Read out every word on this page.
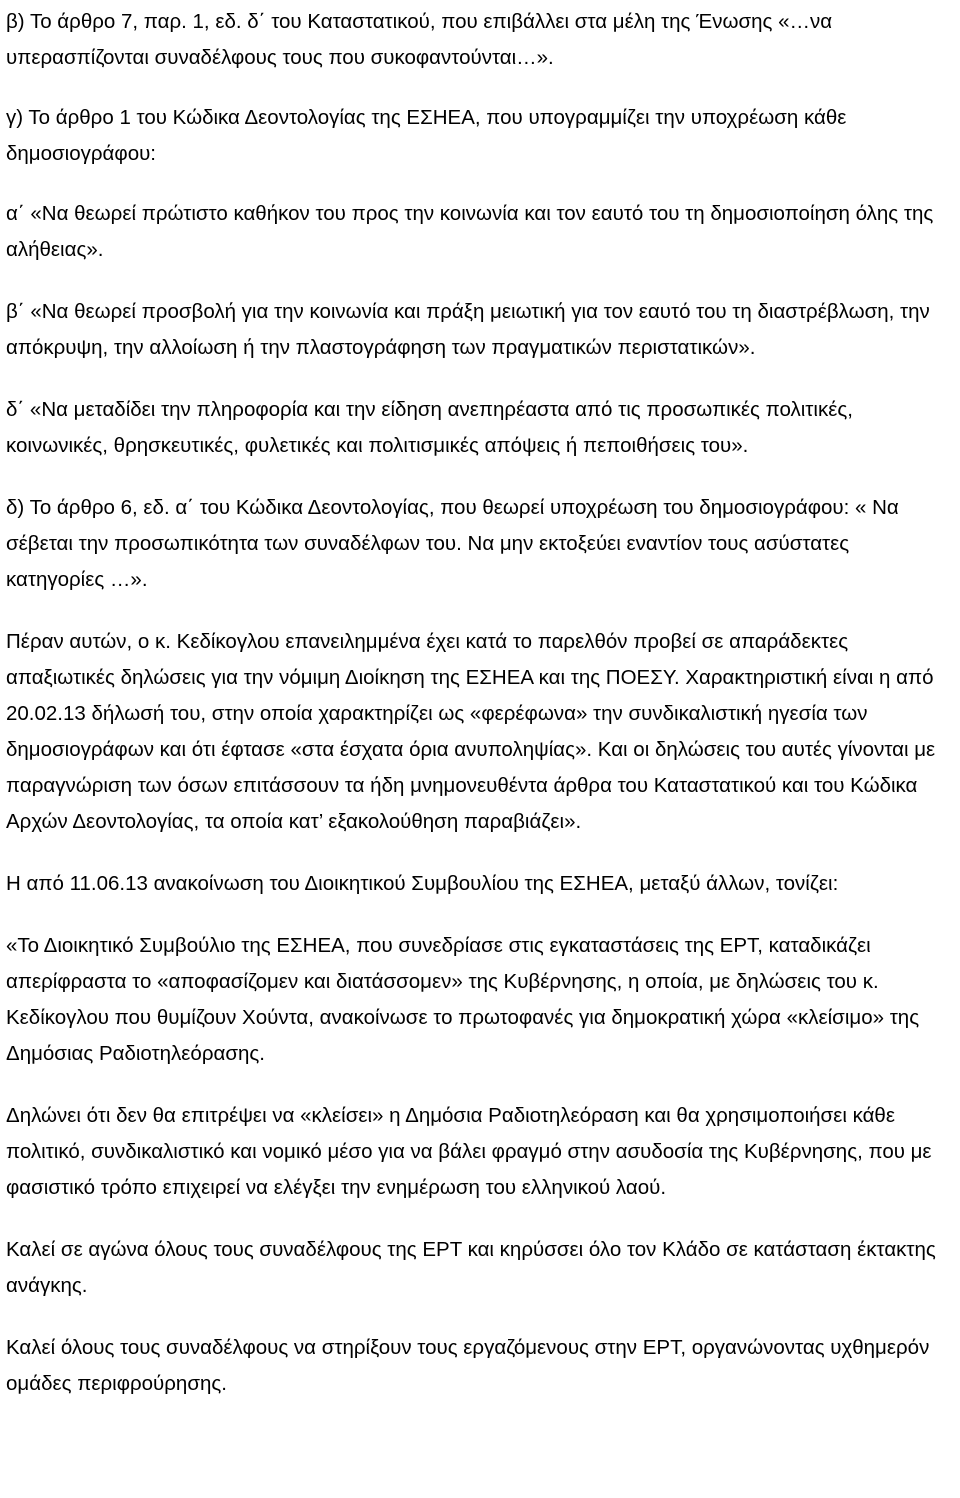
β) Το άρθρο 7, παρ. 1, εδ. δ΄ του Καταστατικού, που επιβάλλει στα μέλη της Ένωσης «…να υπερασπίζονται συναδέλφους τους που συκοφαντούνται…».

γ) Το άρθρο 1 του Κώδικα Δεοντολογίας της ΕΣΗΕΑ, που υπογραμμίζει την υποχρέωση κάθε δημοσιογράφου:

α΄ «Να θεωρεί πρώτιστο καθήκον του προς την κοινωνία και τον εαυτό του τη δημοσιοποίηση όλης της αλήθειας».

β΄ «Να θεωρεί προσβολή για την κοινωνία και πράξη μειωτική για τον εαυτό του τη διαστρέβλωση, την απόκρυψη, την αλλοίωση ή την πλαστογράφηση των πραγματικών περιστατικών».

δ΄ «Να μεταδίδει την πληροφορία και την είδηση ανεπηρέαστα από τις προσωπικές πολιτικές, κοινωνικές, θρησκευτικές, φυλετικές και πολιτισμικές απόψεις ή πεποιθήσεις του».

δ) Το άρθρο 6, εδ. α΄ του Κώδικα Δεοντολογίας, που θεωρεί υποχρέωση του δημοσιογράφου: « Να σέβεται την προσωπικότητα των συναδέλφων του. Να μην εκτοξεύει εναντίον τους ασύστατες κατηγορίες …».

Πέραν αυτών, ο κ. Κεδίκογλου επανειλημμένα έχει κατά το παρελθόν προβεί σε απαράδεκτες απαξιωτικές δηλώσεις για την νόμιμη Διοίκηση της ΕΣΗΕΑ και της ΠΟΕΣΥ. Χαρακτηριστική είναι η από 20.02.13 δήλωσή του, στην οποία χαρακτηρίζει ως «φερέφωνα» την συνδικαλιστική ηγεσία των δημοσιογράφων και ότι έφτασε «στα έσχατα όρια ανυποληψίας». Και οι δηλώσεις του αυτές γίνονται με παραγνώριση των όσων επιτάσσουν τα ήδη μνημονευθέντα άρθρα του Καταστατικού και του Κώδικα Αρχών Δεοντολογίας, τα οποία κατ’ εξακολούθηση παραβιάζει».

Η από 11.06.13 ανακοίνωση του Διοικητικού Συμβουλίου της ΕΣΗΕΑ, μεταξύ άλλων, τονίζει:

«Το Διοικητικό Συμβούλιο της ΕΣΗΕΑ, που συνεδρίασε στις εγκαταστάσεις της ΕΡΤ, καταδικάζει απερίφραστα το «αποφασίζομεν και διατάσσομεν» της Κυβέρνησης, η οποία, με δηλώσεις του κ. Κεδίκογλου που θυμίζουν Χούντα, ανακοίνωσε το πρωτοφανές για δημοκρατική χώρα «κλείσιμο» της Δημόσιας Ραδιοτηλεόρασης.

Δηλώνει ότι δεν θα επιτρέψει να «κλείσει» η Δημόσια Ραδιοτηλεόραση και θα χρησιμοποιήσει κάθε πολιτικό, συνδικαλιστικό και νομικό μέσο για να βάλει φραγμό στην ασυδοσία της Κυβέρνησης, που με φασιστικό τρόπο επιχειρεί να ελέγξει την ενημέρωση του ελληνικού λαού.

Καλεί σε αγώνα όλους τους συναδέλφους της ΕΡΤ και κηρύσσει όλο τον Κλάδο σε κατάσταση έκτακτης ανάγκης.

Καλεί όλους τους συναδέλφους να στηρίξουν τους εργαζόμενους στην ΕΡΤ, οργανώνοντας υχθημερόν ομάδες περιφρούρησης.
